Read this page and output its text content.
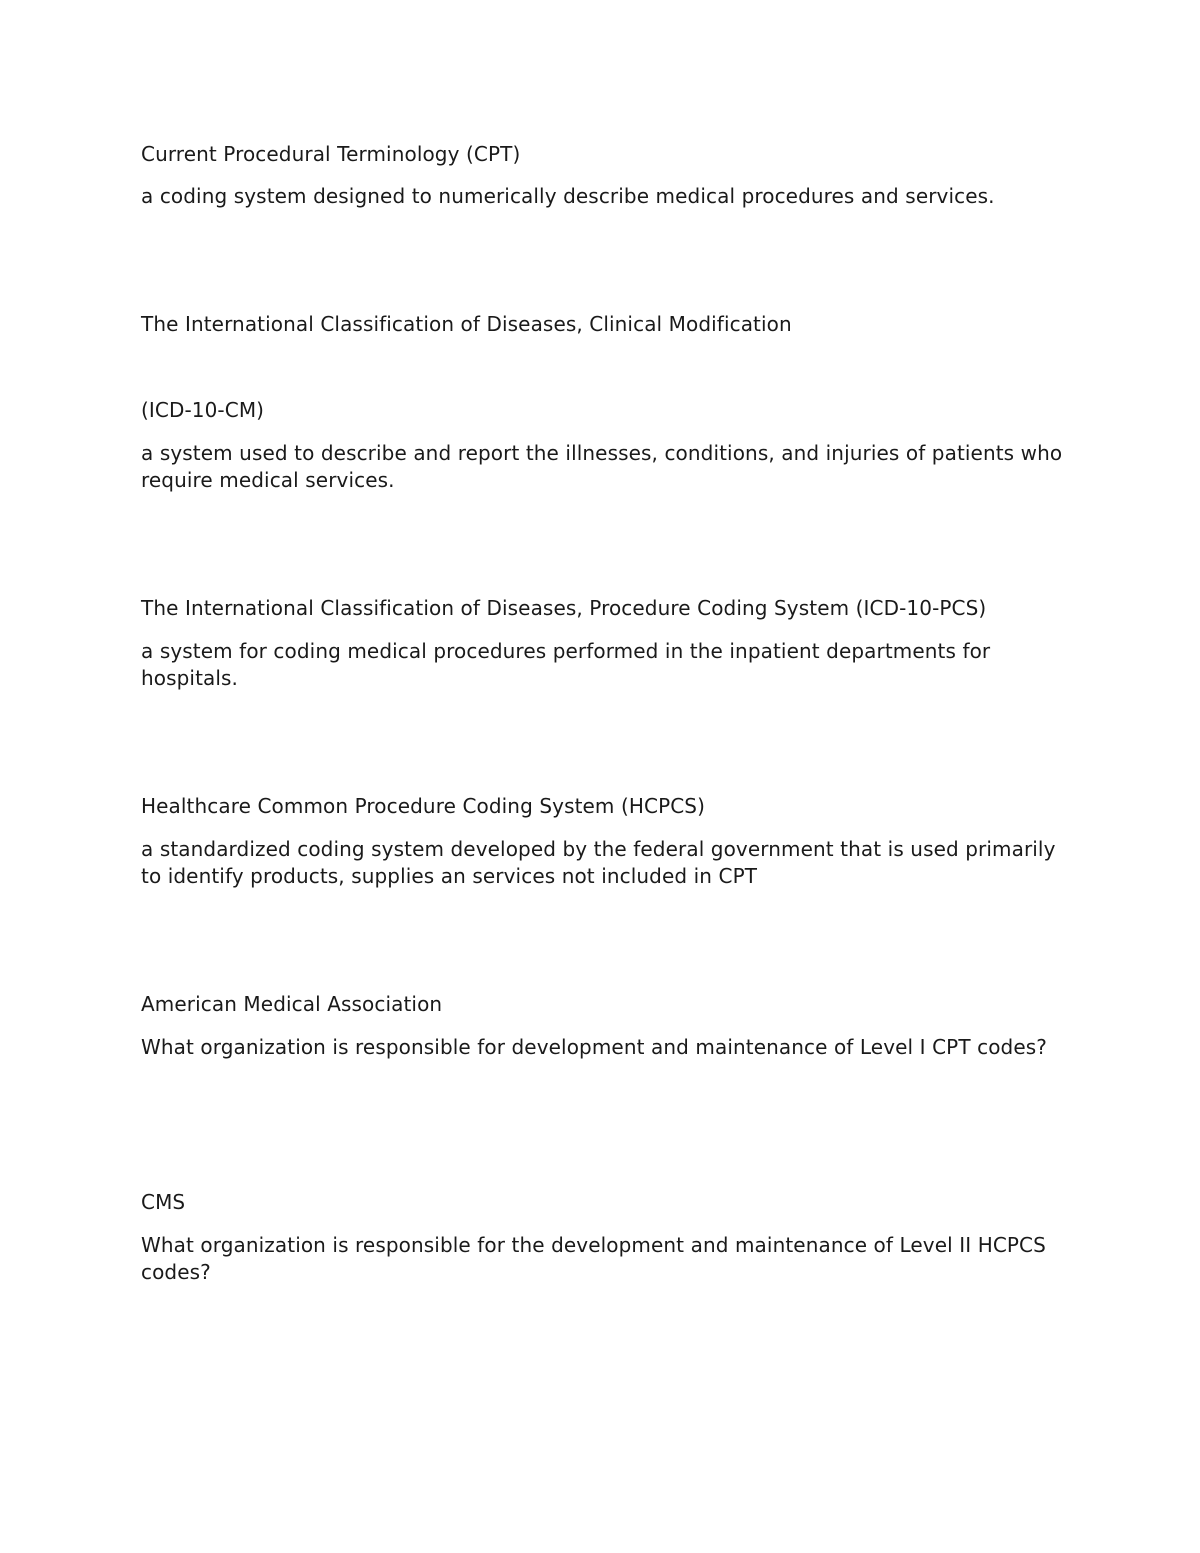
Current Procedural Terminology (CPT)
a coding system designed to numerically describe medical procedures and services.
The International Classification of Diseases, Clinical Modification
(ICD-10-CM)
a system used to describe and report the illnesses, conditions, and injuries of patients who require medical services.
The International Classification of Diseases, Procedure Coding System (ICD-10-PCS)
a system for coding medical procedures performed in the inpatient departments for hospitals.
Healthcare Common Procedure Coding System (HCPCS)
a standardized coding system developed by the federal government that is used primarily to identify products, supplies an services not included in CPT
American Medical Association
What organization is responsible for development and maintenance of Level I CPT codes?
CMS
What organization is responsible for the development and maintenance of Level II HCPCS codes?
